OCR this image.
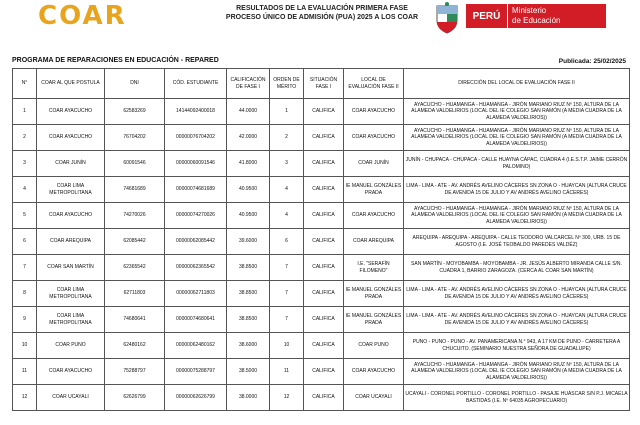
COAR	RESULTADOS DE LA EVALUACIÓN PRIMERA FASE
PROCESO ÚNICO DE ADMISIÓN (PUA) 2025 A LOS COAR	PERÚ	Ministerio
de Educación
PROGRAMA DE REPARACIONES EN EDUCACIÓN - REPARED	Publicada: 25/02/2025
N°	COAR AL QUE POSTULA	DNI	CÓD. ESTUDIANTE	CALIFICACIÓN DE FASE I	ORDEN DE MÉRITO	SITUACIÓN FASE I	LOCAL DE EVALUACIÓN FASE II	DIRECCIÓN DEL LOCAL DE EVALUACIÓN FASE II
1	COAR AYACUCHO	62583269	14144092400018	44.0000	1	CALIFICA	COAR AYACUCHO	AYACUCHO - HUAMANGA - HUAMANGA - JIRÓN MARIANO RIUZ Nº 150, ALTURA DE LA ALAMEDA VALDELIRIOS (LOCAL DEL IE COLEGIO SAN RAMÓN (A MEDIA CUADRA DE LA ALAMEDA VALDELIRIOS))
2	COAR AYACUCHO	76704202	00000076704202	42.0000	2	CALIFICA	COAR AYACUCHO	AYACUCHO - HUAMANGA - HUAMANGA - JIRÓN MARIANO RIUZ Nº 150, ALTURA DE LA ALAMEDA VALDELIRIOS (LOCAL DEL IE COLEGIO SAN RAMÓN (A MEDIA CUADRA DE LA ALAMEDA VALDELIRIOS))
3	COAR JUNÍN	60091546	00000060091546	41.8000	3	CALIFICA	COAR JUNÍN	JUNÍN - CHUPACA - CHUPACA - CALLE HUAYNA CÁPAC, CUADRA 4 (I.E.S.T.P. JAIME CERRÓN PALOMINO)
4	COAR LIMA METROPOLITANA	74681689	00000074681689	40.9500	4	CALIFICA	IE MANUEL GONZÁLES PRADA	LIMA - LIMA - ATE - AV. ANDRÉS AVELINO CÁCERES SN ZONA O - HUAYCAN (ALTURA CRUCE DE AVENIDA 15 DE JULIO Y AV ANDRÉS AVELINO CÁCERES)
5	COAR AYACUCHO	74270026	00000074270026	40.9500	4	CALIFICA	COAR AYACUCHO	AYACUCHO - HUAMANGA - HUAMANGA - JIRÓN MARIANO RIUZ Nº 150, ALTURA DE LA ALAMEDA VALDELIRIOS (LOCAL DEL IE COLEGIO SAN RAMÓN (A MEDIA CUADRA DE LA ALAMEDA VALDELIRIOS))
6	COAR AREQUIPA	62085442	00000062085442	39.6000	6	CALIFICA	COAR AREQUIPA	AREQUIPA - AREQUIPA - AREQUIPA - CALLE TEODORO VALCARCEL Nº 300, URB. 15 DE AGOSTO (I.E. JOSÉ TEOBALDO PAREDES VALDÉZ)
7	COAR SAN MARTÍN	62365542	00000062365542	38.8500	7	CALIFICA	I.E. "SERAFÍN FILOMENO"	SAN MARTÍN - MOYOBAMBA - MOYOBAMBA - JR. JESÚS ALBERTO MIRANDA CALLE S/N. CUADRA 1, BARRIO ZARAGOZA. (CERCA AL COAR SAN MARTÍN)
8	COAR LIMA METROPOLITANA	62711803	00000062711803	38.8500	7	CALIFICA	IE MANUEL GONZÁLES PRADA	LIMA - LIMA - ATE - AV. ANDRÉS AVELINO CÁCERES SN ZONA O - HUAYCAN (ALTURA CRUCE DE AVENIDA 15 DE JULIO Y AV ANDRÉS AVELINO CÁCERES)
9	COAR LIMA METROPOLITANA	74680641	00000074680641	38.8500	7	CALIFICA	IE MANUEL GONZÁLES PRADA	LIMA - LIMA - ATE - AV. ANDRÉS AVELINO CÁCERES SN ZONA O - HUAYCAN (ALTURA CRUCE DE AVENIDA 15 DE JULIO Y AV ANDRÉS AVELINO CÁCERES)
10	COAR PUNO	62480162	00000062480162	38.6000	10	CALIFICA	COAR PUNO	PUNO - PUNO - PUNO - AV. PANAMERICANA N.° 943, A 17 KM DE PUNO - CARRETERA A CHUCUITO. (SEMINARIO NUESTRA SEÑORA DE GUADALUPE)
11	COAR AYACUCHO	75288797	00000075288797	38.5000	11	CALIFICA	COAR AYACUCHO	AYACUCHO - HUAMANGA - HUAMANGA - JIRÓN MARIANO RIUZ Nº 150, ALTURA DE LA ALAMEDA VALDELIRIOS (LOCAL DEL IE COLEGIO SAN RAMÓN (A MEDIA CUADRA DE LA ALAMEDA VALDELIRIOS))
12	COAR UCAYALI	62626799	00000062626799	38.0000	12	CALIFICA	COAR UCAYALI	UCAYALI - CORONEL PORTILLO - CORONEL PORTILLO - PASAJE HUÁSCAR S/N P.J. MICAELA BASTIDAS (I.E. Nº 64035 AGROPECUARIO)
